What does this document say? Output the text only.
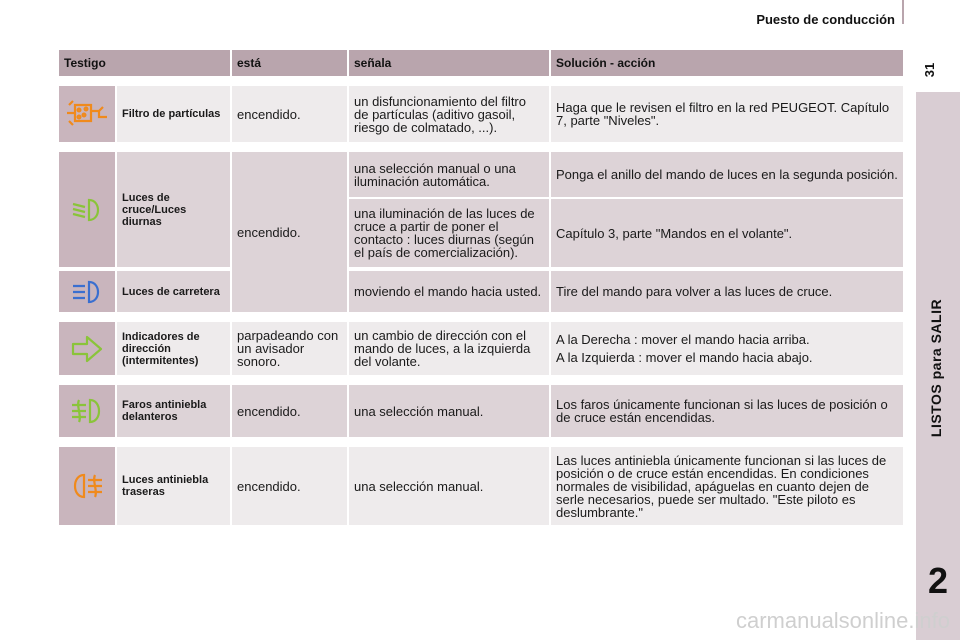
Puesto de conducción
31
LISTOS para SALIR
2
Testigo		está	señala	Solución - acción

	Filtro de partículas	encendido.	un disfuncionamiento del filtro de partículas (aditivo gasoil, riesgo de colmatado, ...).	Haga que le revisen el filtro en la red PEUGEOT. Capítulo 7, parte "Niveles".

	Luces de cruce/Luces diurnas	encendido.	una selección manual o una iluminación automática.	Ponga el anillo del mando de luces en la segunda posición.
			una iluminación de las luces de cruce a partir de poner el contacto : luces diurnas (según el país de comercialización).	Capítulo 3, parte "Mandos en el volante".

	Luces de carretera		moviendo el mando hacia usted.	Tire del mando para volver a las luces de cruce.

	Indicadores de dirección (intermitentes)	parpadeando con un avisador sonoro.	un cambio de dirección con el mando de luces, a la izquierda del volante.	A la Derecha : mover el mando hacia arriba.

A la Izquierda : mover el mando hacia abajo.

	Faros antiniebla delanteros	encendido.	una selección manual.	Los faros únicamente funcionan si las luces de posición o de cruce están encendidas.

	Luces antiniebla traseras	encendido.	una selección manual.	Las luces antiniebla únicamente funcionan si las luces de posición o de cruce están encendidas. En condiciones normales de visibilidad, apáguelas en cuanto dejen de serle necesarios, puede ser multado. "Este piloto es deslumbrante."
carmanualsonline.info
